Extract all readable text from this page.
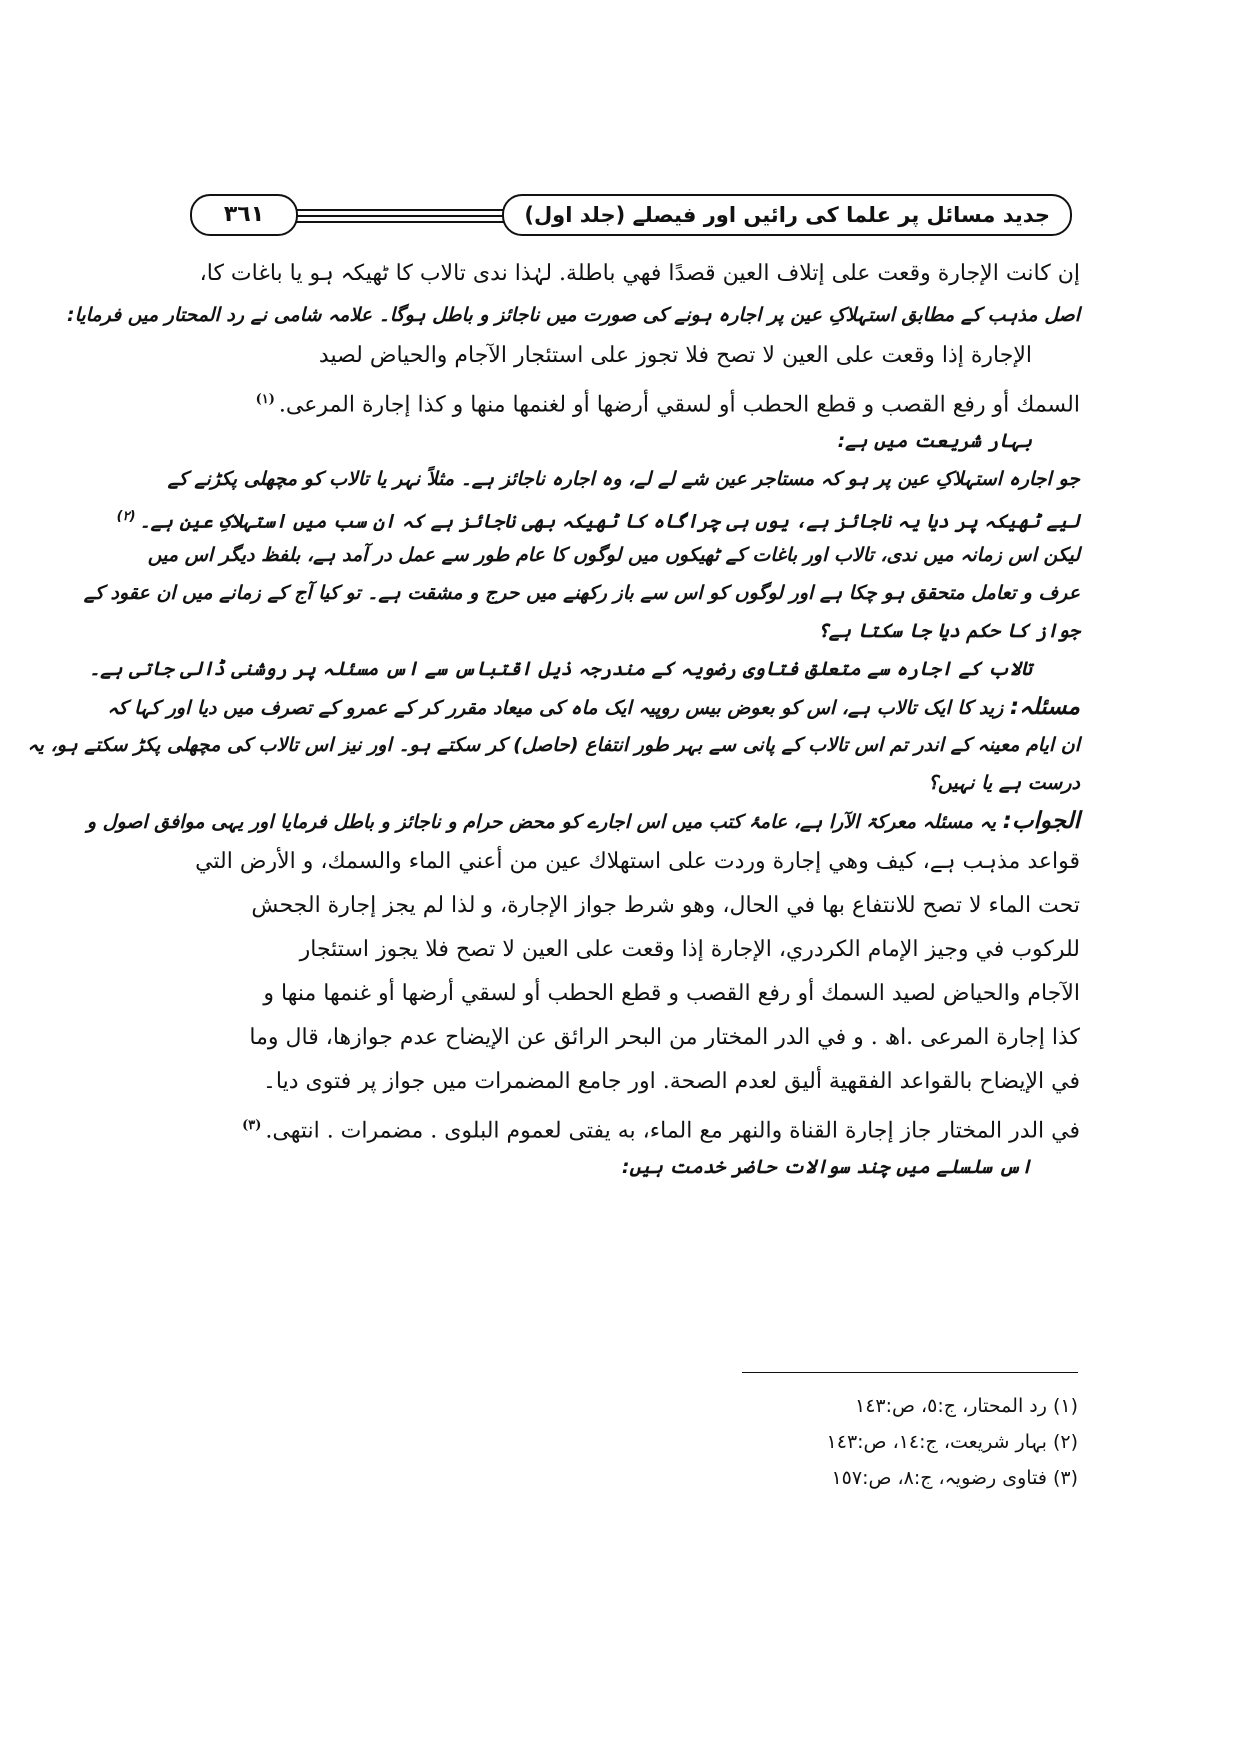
جدید مسائل پر علما کی رائیں اور فیصلے (جلد اول)
٣٦١
إن كانت الإجارة وقعت على إتلاف العين قصدًا فهي باطلة. لہٰذا ندی تالاب کا ٹھیکہ ہو یا باغات کا،
اصل مذہب کے مطابق استہلاکِ عین پر اجارہ ہونے کی صورت میں ناجائز و باطل ہوگا۔ علامہ شامی نے رد المحتار میں فرمایا:
الإجارة إذا وقعت على العين لا تصح فلا تجوز على استئجار الآجام والحياض لصيد
السمك أو رفع القصب و قطع الحطب أو لسقي أرضها أو لغنمها منها و كذا إجارة المرعى.$^{(١)}$
بہار شریعت میں ہے:
جو اجارہ استہلاکِ عین پر ہو کہ مستاجر عین شے لے لے، وہ اجارہ ناجائز ہے۔ مثلاً نہر یا تالاب کو مچھلی پکڑنے کے
لیے ٹھیکہ پر دیا یہ ناجائز ہے، یوں ہی چراگاہ کا ٹھیکہ بھی ناجائز ہے کہ ان سب میں استہلاکِ عین ہے۔$^{(٢)}$
لیکن اس زمانہ میں ندی، تالاب اور باغات کے ٹھیکوں میں لوگوں کا عام طور سے عمل در آمد ہے، بلفظ دیگر اس میں
عرف و تعامل متحقق ہو چکا ہے اور لوگوں کو اس سے باز رکھنے میں حرج و مشقت ہے۔ تو کیا آج کے زمانے میں ان عقود کے
جواز کا حکم دیا جا سکتا ہے؟
تالاب کے اجارہ سے متعلق فتاوی رضویہ کے مندرجہ ذیل اقتباس سے اس مسئلہ پر روشنی ڈالی جاتی ہے۔
مسئلہ: زید کا ایک تالاب ہے، اس کو بعوض بیس روپیہ ایک ماہ کی میعاد مقرر کر کے عمرو کے تصرف میں دیا اور کہا کہ
ان ایام معینہ کے اندر تم اس تالاب کے پانی سے بہر طور انتفاع (حاصل) کر سکتے ہو۔ اور نیز اس تالاب کی مچھلی پکڑ سکتے ہو، یہ
درست ہے یا نہیں؟
الجواب: یہ مسئلہ معرکۃ الآرا ہے، عامۂ کتب میں اس اجارے کو محض حرام و ناجائز و باطل فرمایا اور یہی موافق اصول و
قواعد مذہب ہے، كيف وهي إجارة وردت على استهلاك عين من أعني الماء والسمك، و الأرض التي
تحت الماء لا تصح للانتفاع بها في الحال، وهو شرط جواز الإجارة، و لذا لم يجز إجارة الجحش
للركوب في وجيز الإمام الكردري، الإجارة إذا وقعت على العين لا تصح فلا يجوز استئجار
الآجام والحياض لصيد السمك أو رفع القصب و قطع الحطب أو لسقي أرضها أو غنمها منها و
كذا إجارة المرعى .اھ . و في الدر المختار من البحر الرائق عن الإيضاح عدم جوازها، قال وما
في الإيضاح بالقواعد الفقهية أليق لعدم الصحة. اور جامع المضمرات میں جواز پر فتوی دیا۔
في الدر المختار جاز إجارة القناة والنهر مع الماء، به يفتى لعموم البلوى . مضمرات . انتهى.$^{(٣)}$
اس سلسلے میں چند سوالات حاضر خدمت ہیں:
(١) رد المحتار، ج:٥، ص:١٤٣
(٢) بہار شریعت، ج:١٤، ص:١٤٣
(٣) فتاوی رضویہ، ج:٨، ص:١٥٧
